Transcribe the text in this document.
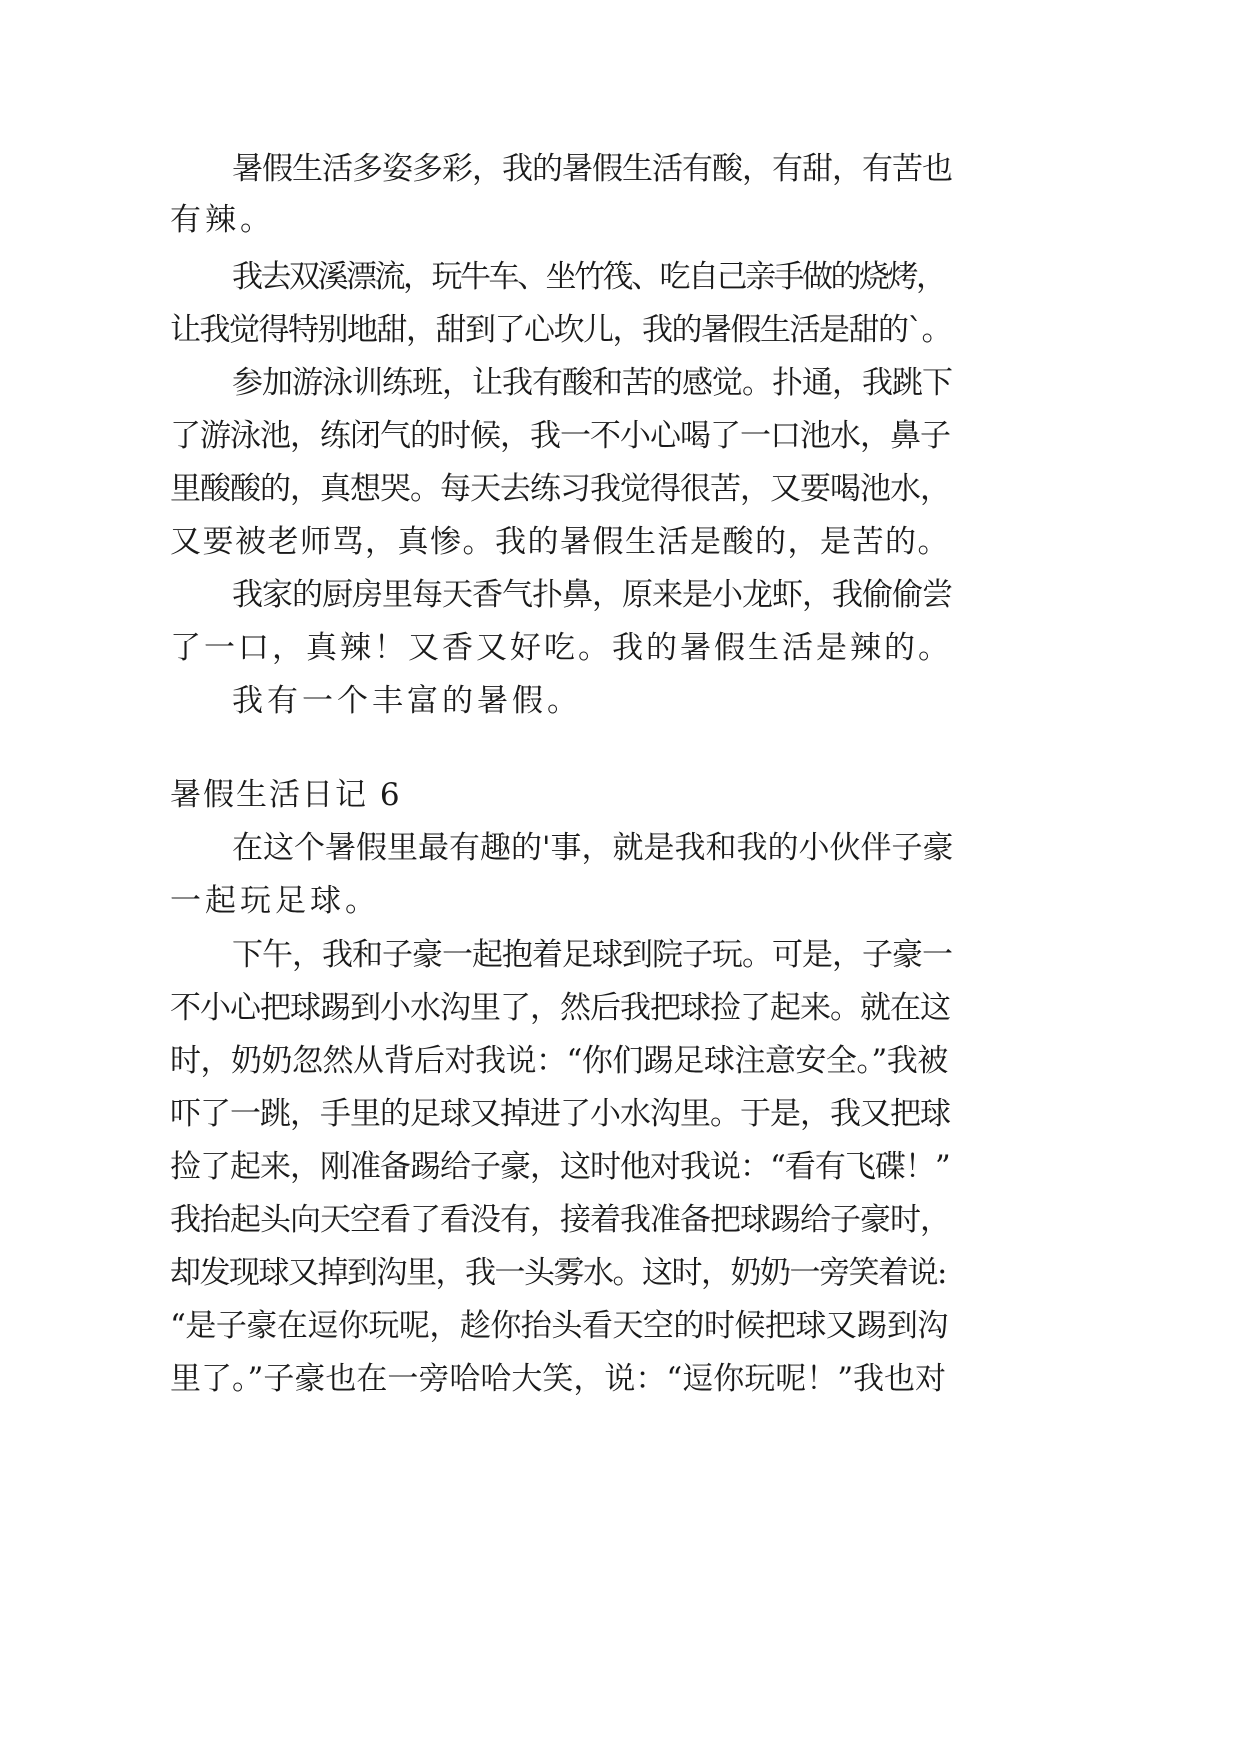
暑假生活多姿多彩，我的暑假生活有酸，有甜，有苦也
有辣。
我去双溪漂流，玩牛车、坐竹筏、吃自己亲手做的烧烤，
让我觉得特别地甜，甜到了心坎儿，我的暑假生活是甜的`。
参加游泳训练班，让我有酸和苦的感觉。扑通，我跳下
了游泳池，练闭气的时候，我一不小心喝了一口池水，鼻子
里酸酸的，真想哭。每天去练习我觉得很苦，又要喝池水，
又要被老师骂，真惨。我的暑假生活是酸的，是苦的。
我家的厨房里每天香气扑鼻，原来是小龙虾，我偷偷尝
了一口，真辣！又香又好吃。我的暑假生活是辣的。
我有一个丰富的暑假。
暑假生活日记 6
在这个暑假里最有趣的'事，就是我和我的小伙伴子豪
一起玩足球。
下午，我和子豪一起抱着足球到院子玩。可是，子豪一
不小心把球踢到小水沟里了，然后我把球捡了起来。就在这
时，奶奶忽然从背后对我说：“你们踢足球注意安全。”我被
吓了一跳，手里的足球又掉进了小水沟里。于是，我又把球
捡了起来，刚准备踢给子豪，这时他对我说：“看有飞碟！”
我抬起头向天空看了看没有，接着我准备把球踢给子豪时，
却发现球又掉到沟里，我一头雾水。这时，奶奶一旁笑着说:
“是子豪在逗你玩呢，趁你抬头看天空的时候把球又踢到沟
里了。”子豪也在一旁哈哈大笑，说：“逗你玩呢！”我也对
